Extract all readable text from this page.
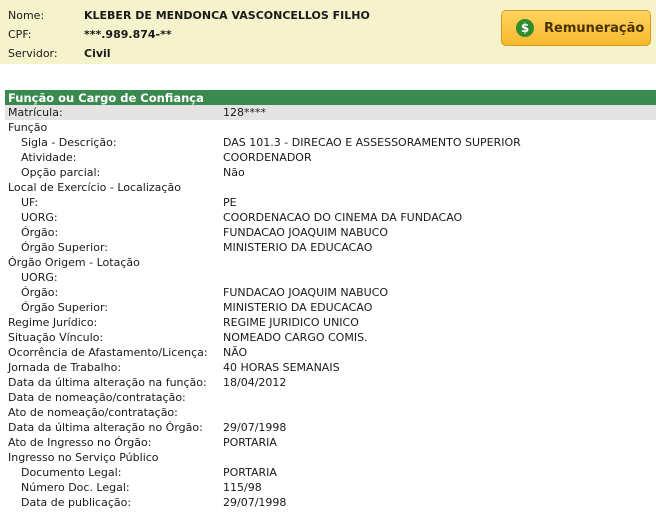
Nome:	KLEBER DE MENDONCA VASCONCELLOS FILHO
CPF:	***.989.874-**
Servidor:	Civil
$	Remuneração
Função ou Cargo de Confiança
Matrícula:	128****
Função
Sigla - Descrição:	DAS 101.3 - DIRECAO E ASSESSORAMENTO SUPERIOR
Atividade:	COORDENADOR
Opção parcial:	Não
Local de Exercício - Localização
UF:	PE
UORG:	COORDENACAO DO CINEMA DA FUNDACAO
Órgão:	FUNDACAO JOAQUIM NABUCO
Órgão Superior:	MINISTERIO DA EDUCACAO
Órgão Origem - Lotação
UORG:
Órgão:	FUNDACAO JOAQUIM NABUCO
Órgão Superior:	MINISTERIO DA EDUCACAO
Regime Jurídico:	REGIME JURIDICO UNICO
Situação Vínculo:	NOMEADO CARGO COMIS.
Ocorrência de Afastamento/Licença: NÃO
Jornada de Trabalho:	40 HORAS SEMANAIS
Data da última alteração na função: 18/04/2012
Data de nomeação/contratação:
Ato de nomeação/contratação:
Data da última alteração no Órgão: 29/07/1998
Ato de Ingresso no Órgão:	PORTARIA
Ingresso no Serviço Público
Documento Legal:	PORTARIA
Número Doc. Legal:	115/98
Data de publicação:	29/07/1998
